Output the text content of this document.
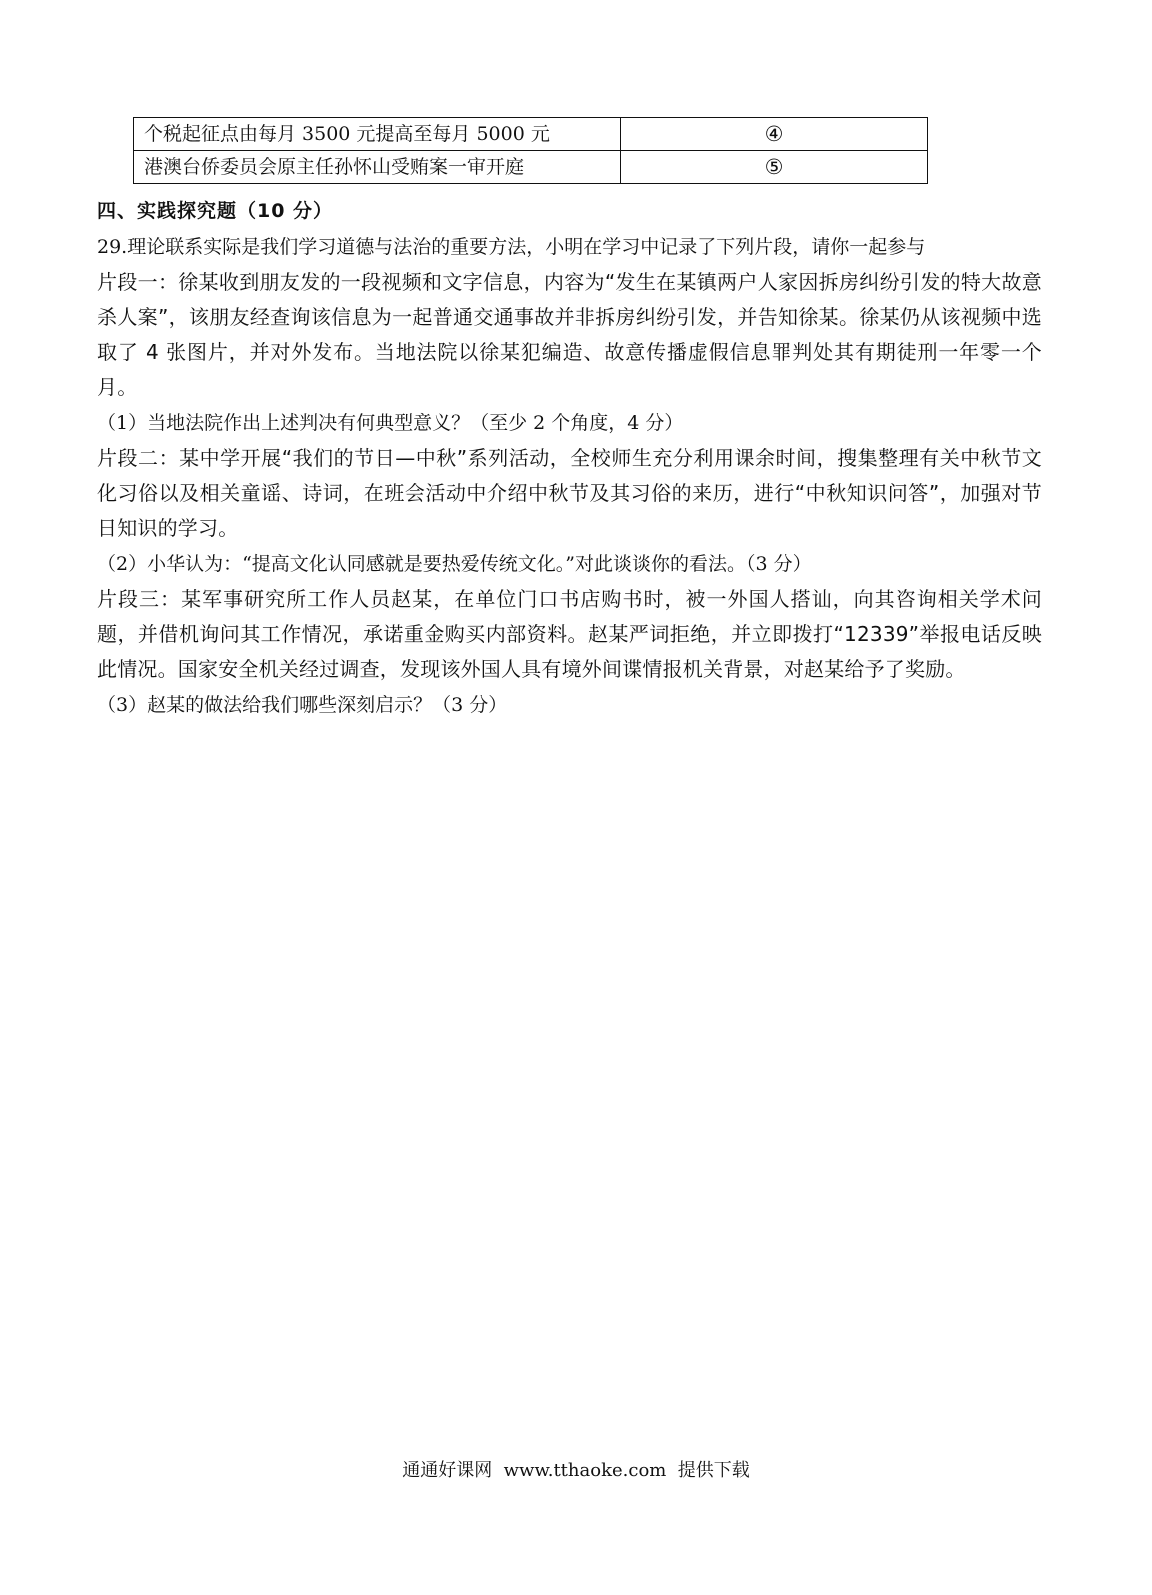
个税起征点由每月 3500 元提高至每月 5000 元	④
港澳台侨委员会原主任孙怀山受贿案一审开庭	⑤
四、实践探究题（10 分）

29.理论联系实际是我们学习道德与法治的重要方法，小明在学习中记录了下列片段，请你一起参与

片段一：徐某收到朋友发的一段视频和文字信息，内容为“发生在某镇两户人家因拆房纠纷引发的特大故意杀人案”，该朋友经查询该信息为一起普通交通事故并非拆房纠纷引发，并告知徐某。徐某仍从该视频中选取了 4 张图片，并对外发布。当地法院以徐某犯编造、故意传播虚假信息罪判处其有期徒刑一年零一个月。

（1）当地法院作出上述判决有何典型意义？（至少 2 个角度，4 分）

片段二：某中学开展“我们的节日—中秋”系列活动，全校师生充分利用课余时间，搜集整理有关中秋节文化习俗以及相关童谣、诗词，在班会活动中介绍中秋节及其习俗的来历，进行“中秋知识问答”，加强对节日知识的学习。

（2）小华认为：“提高文化认同感就是要热爱传统文化。”对此谈谈你的看法。（3 分）

片段三：某军事研究所工作人员赵某，在单位门口书店购书时，被一外国人搭讪，向其咨询相关学术问题，并借机询问其工作情况，承诺重金购买内部资料。赵某严词拒绝，并立即拨打“12339”举报电话反映此情况。国家安全机关经过调查，发现该外国人具有境外间谍情报机关背景，对赵某给予了奖励。

（3）赵某的做法给我们哪些深刻启示？（3 分）

通通好课网  www.tthaoke.com  提供下载
